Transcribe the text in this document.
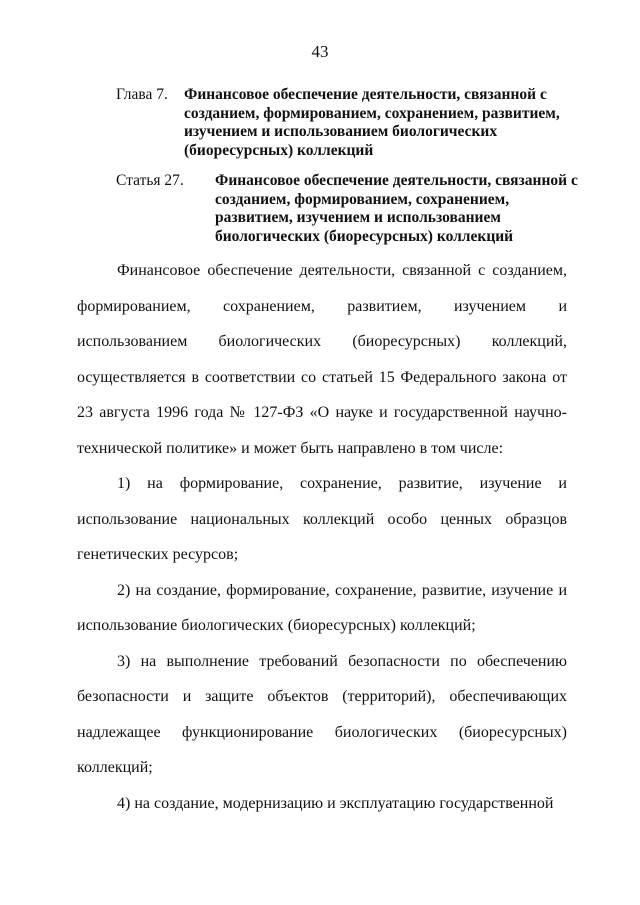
43
Глава 7.	Финансовое обеспечение деятельности, связанной с созданием, формированием, сохранением, развитием, изучением и использованием биологических (биоресурсных) коллекций
Статья 27.	Финансовое обеспечение деятельности, связанной с созданием, формированием, сохранением, развитием, изучением и использованием биологических (биоресурсных) коллекций

Финансовое обеспечение деятельности, связанной с созданием, формированием, сохранением, развитием, изучением и использованием биологических (биоресурсных) коллекций, осуществляется в соответствии со статьей 15 Федерального закона от 23 августа 1996 года № 127-ФЗ «О науке и государственной научно-технической политике» и может быть направлено в том числе:

1) на формирование, сохранение, развитие, изучение и использование национальных коллекций особо ценных образцов генетических ресурсов;

2) на создание, формирование, сохранение, развитие, изучение и использование биологических (биоресурсных) коллекций;

3) на выполнение требований безопасности по обеспечению безопасности и защите объектов (территорий), обеспечивающих надлежащее функционирование биологических (биоресурсных) коллекций;

4) на создание, модернизацию и эксплуатацию государственной
